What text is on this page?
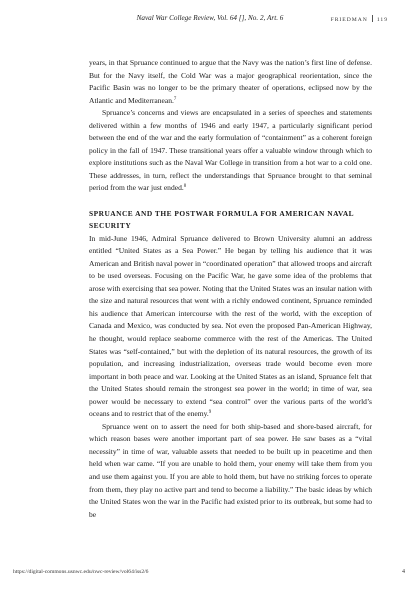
Naval War College Review, Vol. 64 [], No. 2, Art. 6	FRIEDMAN 119

years, in that Spruance continued to argue that the Navy was the nation’s first line of defense. But for the Navy itself, the Cold War was a major geographical reorientation, since the Pacific Basin was no longer to be the primary theater of operations, eclipsed now by the Atlantic and Mediterranean.$^7$

Spruance’s concerns and views are encapsulated in a series of speeches and statements delivered within a few months of 1946 and early 1947, a particularly significant period between the end of the war and the early formulation of “containment” as a coherent foreign policy in the fall of 1947. These transitional years offer a valuable window through which to explore institutions such as the Naval War College in transition from a hot war to a cold one. These addresses, in turn, reflect the understandings that Spruance brought to that seminal period from the war just ended.$^8$

SPRUANCE AND THE POSTWAR FORMULA FOR AMERICAN NAVAL SECURITY

In mid-June 1946, Admiral Spruance delivered to Brown University alumni an address entitled “United States as a Sea Power.” He began by telling his audience that it was American and British naval power in “coordinated operation” that allowed troops and aircraft to be used overseas. Focusing on the Pacific War, he gave some idea of the problems that arose with exercising that sea power. Noting that the United States was an insular nation with the size and natural resources that went with a richly endowed continent, Spruance reminded his audience that American intercourse with the rest of the world, with the exception of Canada and Mexico, was conducted by sea. Not even the proposed Pan-American Highway, he thought, would replace seaborne commerce with the rest of the Americas. The United States was “self-contained,” but with the depletion of its natural resources, the growth of its population, and increasing industrialization, overseas trade would become even more important in both peace and war. Looking at the United States as an island, Spruance felt that the United States should remain the strongest sea power in the world; in time of war, sea power would be necessary to extend “sea control” over the various parts of the world’s oceans and to restrict that of the enemy.$^9$

Spruance went on to assert the need for both ship-based and shore-based aircraft, for which reason bases were another important part of sea power. He saw bases as a “vital necessity” in time of war, valuable assets that needed to be built up in peacetime and then held when war came. “If you are unable to hold them, your enemy will take them from you and use them against you. If you are able to hold them, but have no striking forces to operate from them, they play no active part and tend to become a liability.” The basic ideas by which the United States won the war in the Pacific had existed prior to its outbreak, but some had to be

https://digital-commons.usnwc.edu/nwc-review/vol64/iss2/6	4
